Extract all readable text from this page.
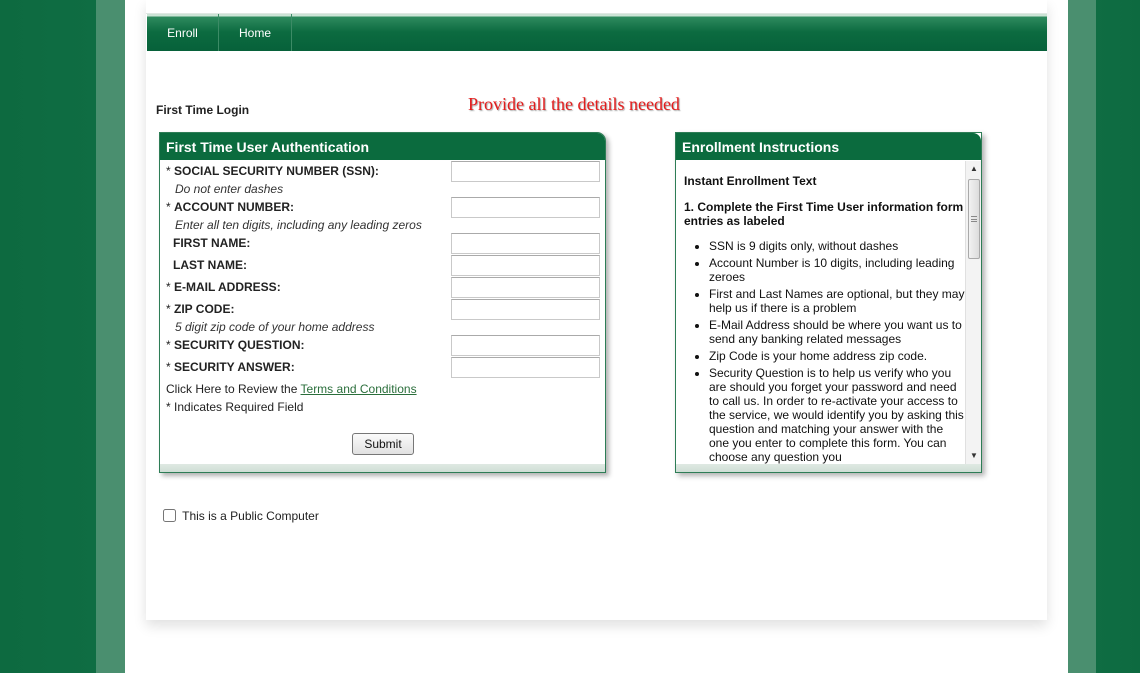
Enroll	Home
First Time Login	Provide all the details needed
First Time User Authentication
* SOCIAL SECURITY NUMBER (SSN):
Do not enter dashes
* ACCOUNT NUMBER:
Enter all ten digits, including any leading zeros
FIRST NAME:
LAST NAME:
* E-MAIL ADDRESS:
* ZIP CODE:
5 digit zip code of your home address
* SECURITY QUESTION:
* SECURITY ANSWER:
Click Here to Review the Terms and Conditions
* Indicates Required Field
Submit
Enrollment Instructions

Instant Enrollment Text

1. Complete the First Time User information form entries as labeled

• SSN is 9 digits only, without dashes
• Account Number is 10 digits, including leading zeroes
• First and Last Names are optional, but they may help us if there is a problem
• E-Mail Address should be where you want us to send any banking related messages
• Zip Code is your home address zip code.
• Security Question is to help us verify who you are should you forget your password and need to call us. In order to re-activate your access to the service, we would identify you by asking this question and matching your answer with the one you enter to complete this form. You can choose any question you
▲
▼
This is a Public Computer
